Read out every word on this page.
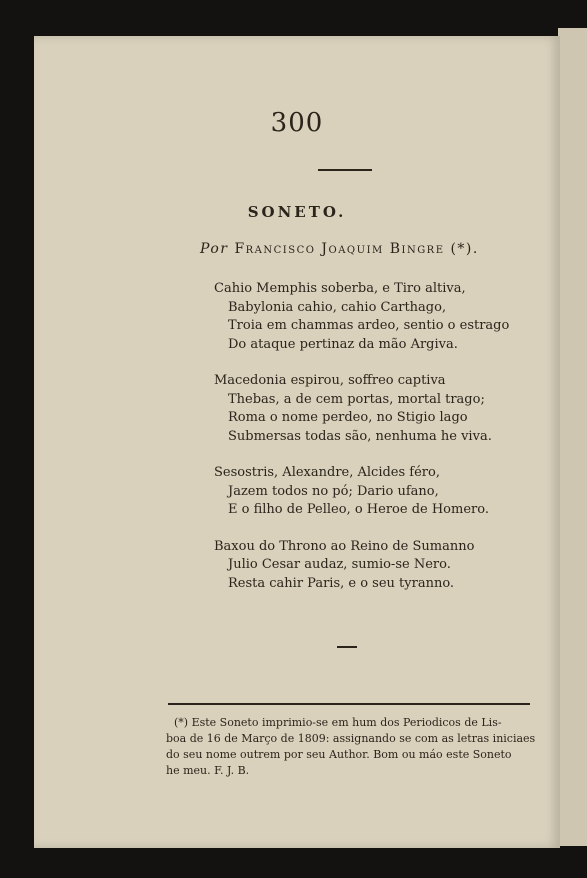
300
SONETO.
Por Francisco Joaquim Bingre (*).
Cahio Memphis soberba, e Tiro altiva,
Babylonia cahio, cahio Carthago,
Troia em chammas ardeo, sentio o estrago
Do ataque pertinaz da mão Argiva.
Macedonia espirou, soffreo captiva
Thebas, a de cem portas, mortal trago;
Roma o nome perdeo, no Stigio lago
Submersas todas são, nenhuma he viva.
Sesostris, Alexandre, Alcides féro,
Jazem todos no pó; Dario ufano,
E o filho de Pelleo, o Heroe de Homero.
Baxou do Throno ao Reino de Sumanno
Julio Cesar audaz, sumio-se Nero.
Resta cahir Paris, e o seu tyranno.
(*) Este Soneto imprimio-se em hum dos Periodicos de Lis-
boa de 16 de Março de 1809: assignando se com as letras iniciaes
do seu nome outrem por seu Author. Bom ou máo este Soneto
he meu. F. J. B.
